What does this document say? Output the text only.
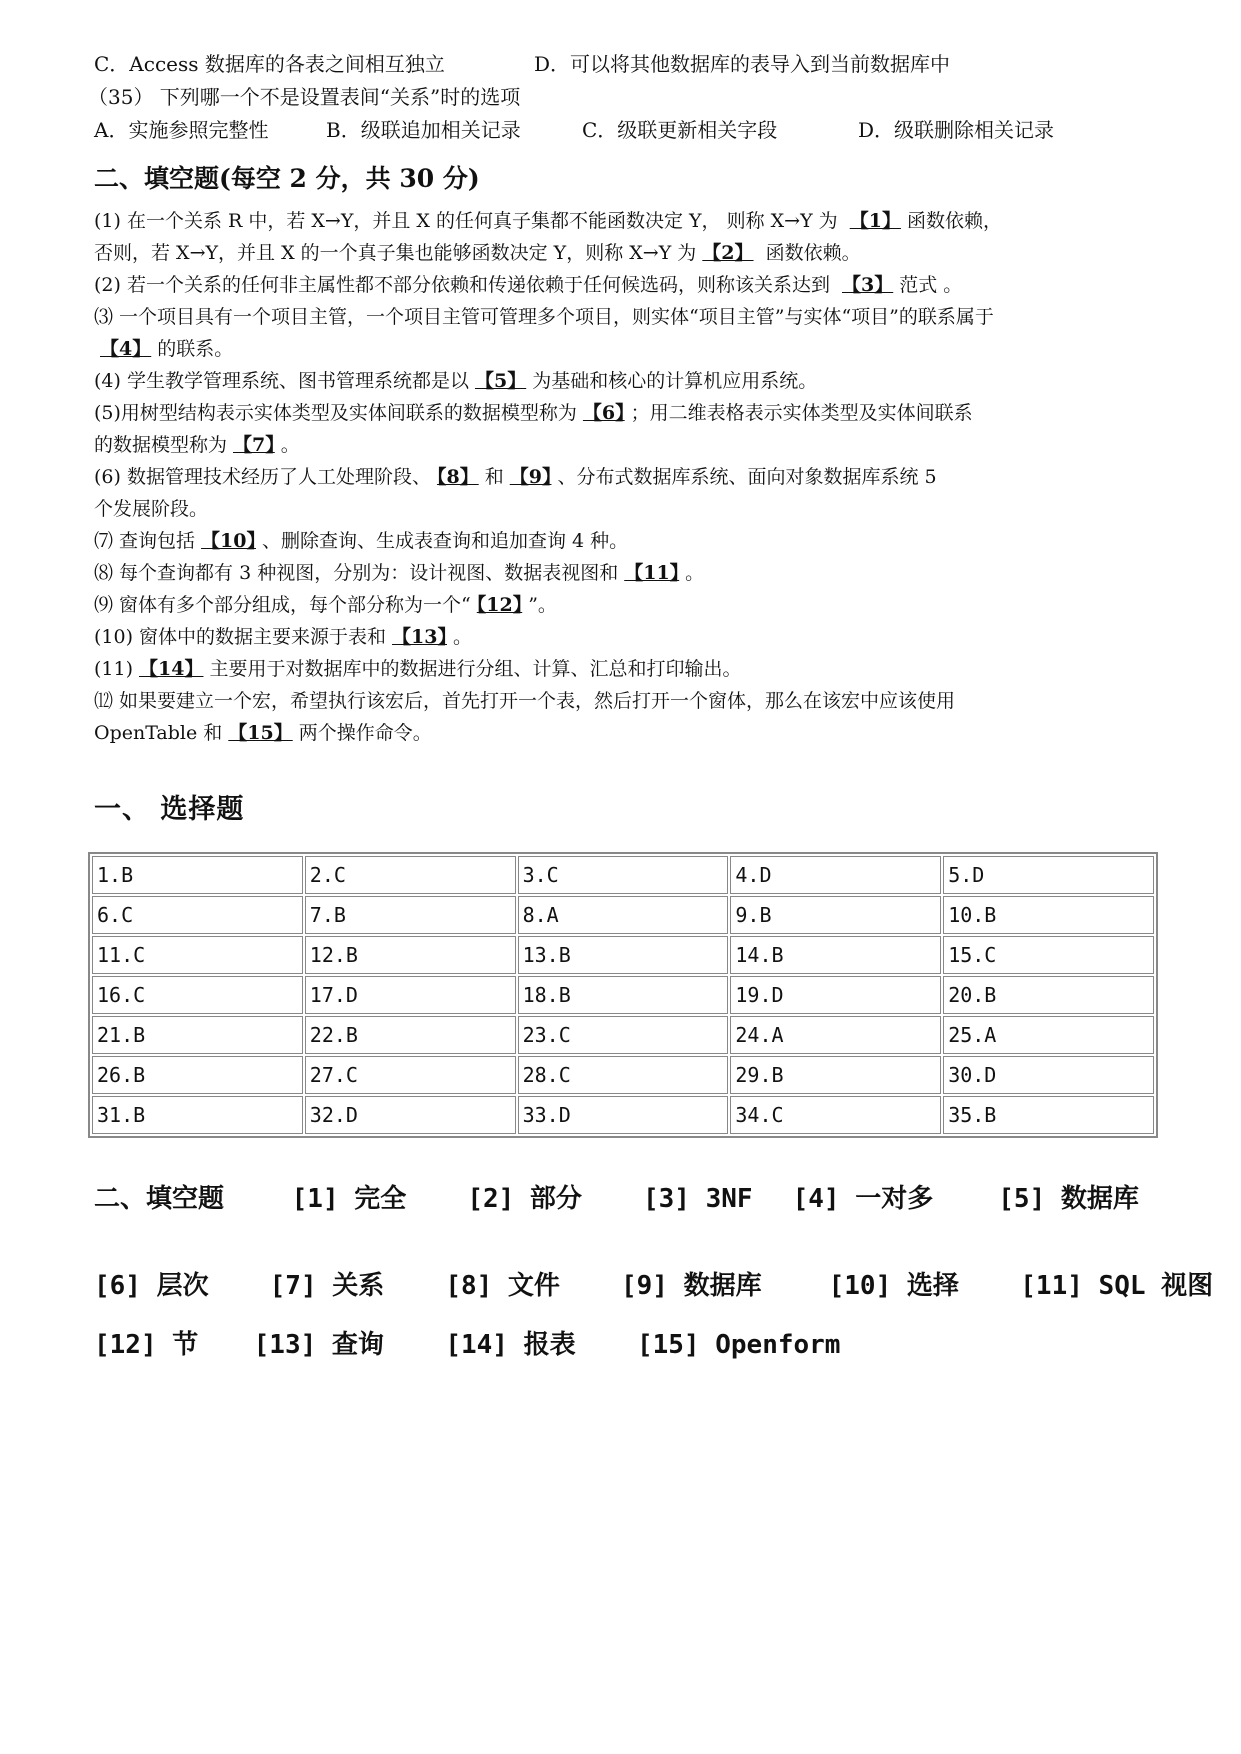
C．Access 数据库的各表之间相互独立	D．可以将其他数据库的表导入到当前数据库中
（35） 下列哪一个不是设置表间“关系”时的选项
A．实施参照完整性	B．级联追加相关记录	C．级联更新相关字段	D．级联删除相关记录
二、填空题(每空 2 分，共 30 分)

(1) 在一个关系 R 中，若 X→Y，并且 X 的任何真子集都不能函数决定 Y， 则称 X→Y 为 【1】 函数依赖，
否则，若 X→Y，并且 X 的一个真子集也能够函数决定 Y，则称 X→Y 为 【2】 函数依赖。

(2) 若一个关系的任何非主属性都不部分依赖和传递依赖于任何候选码，则称该关系达到 【3】 范式 。

⑶ 一个项目具有一个项目主管，一个项目主管可管理多个项目，则实体“项目主管”与实体“项目”的联系属于
【4】 的联系。

(4) 学生教学管理系统、图书管理系统都是以 【5】 为基础和核心的计算机应用系统。

(5)用树型结构表示实体类型及实体间联系的数据模型称为 【6】 ；用二维表格表示实体类型及实体间联系
的数据模型称为 【7】 。

(6) 数据管理技术经历了人工处理阶段、 【8】 和 【9】 、分布式数据库系统、面向对象数据库系统 5
个发展阶段。

⑺ 查询包括 【10】 、删除查询、生成表查询和追加查询 4 种。

⑻ 每个查询都有 3 种视图，分别为：设计视图、数据表视图和 【11】 。

⑼ 窗体有多个部分组成，每个部分称为一个“ 【12】 ”。

(10) 窗体中的数据主要来源于表和 【13】 。

(11) 【14】 主要用于对数据库中的数据进行分组、计算、汇总和打印输出。

⑿ 如果要建立一个宏，希望执行该宏后，首先打开一个表，然后打开一个窗体，那么在该宏中应该使用
OpenTable 和 【15】 两个操作命令。

一、 选择题
1.B	2.C	3.C	4.D	5.D
6.C	7.B	8.A	9.B	10.B
11.C	12.B	13.B	14.B	15.C
16.C	17.D	18.B	19.D	20.B
21.B	22.B	23.C	24.A	25.A
26.B	27.C	28.C	29.B	30.D
31.B	32.D	33.D	34.C	35.B
二、填空题	[1] 完全 [2] 部分 [3] 3NF [4] 一对多	[5] 数据库
[6] 层次 [7] 关系 [8] 文件 [9] 数据库	[10] 选择 [11] SQL 视图
[12] 节 [13] 查询 [14] 报表 [15] Openform
